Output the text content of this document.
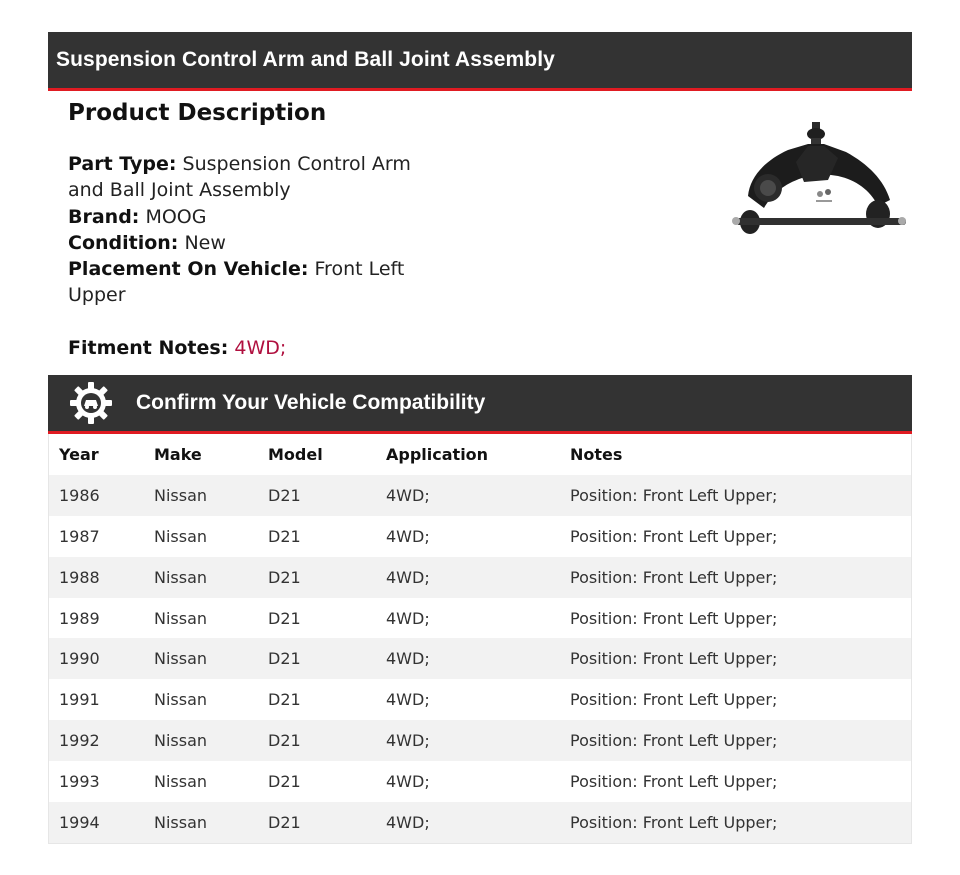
Suspension Control Arm and Ball Joint Assembly
Product Description
Part Type: Suspension Control Arm and Ball Joint Assembly
Brand: MOOG
Condition: New
Placement On Vehicle: Front Left Upper
Fitment Notes: 4WD;
Confirm Your Vehicle Compatibility
Year	Make	Model	Application	Notes
1986	Nissan	D21	4WD;	Position: Front Left Upper;
1987	Nissan	D21	4WD;	Position: Front Left Upper;
1988	Nissan	D21	4WD;	Position: Front Left Upper;
1989	Nissan	D21	4WD;	Position: Front Left Upper;
1990	Nissan	D21	4WD;	Position: Front Left Upper;
1991	Nissan	D21	4WD;	Position: Front Left Upper;
1992	Nissan	D21	4WD;	Position: Front Left Upper;
1993	Nissan	D21	4WD;	Position: Front Left Upper;
1994	Nissan	D21	4WD;	Position: Front Left Upper;
